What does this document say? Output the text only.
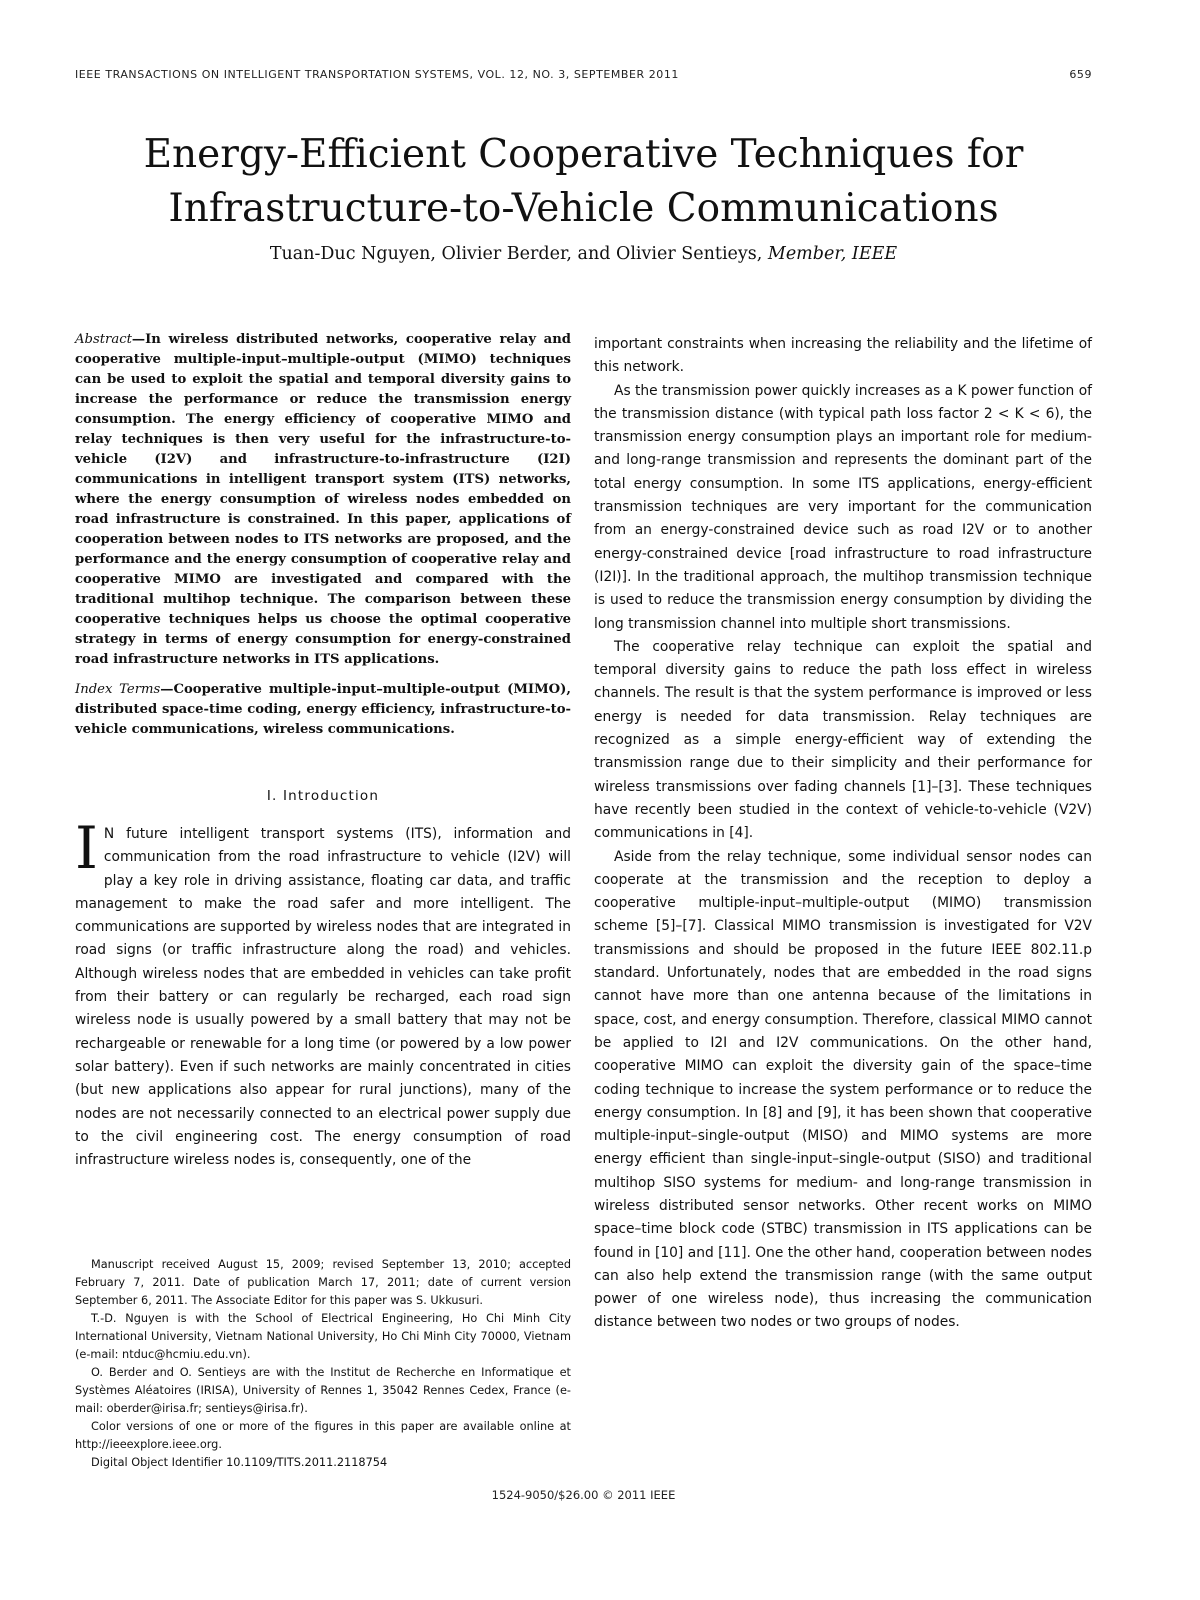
IEEE TRANSACTIONS ON INTELLIGENT TRANSPORTATION SYSTEMS, VOL. 12, NO. 3, SEPTEMBER 2011	659
Energy-Efficient Cooperative Techniques for
Infrastructure-to-Vehicle Communications
Tuan-Duc Nguyen, Olivier Berder, and Olivier Sentieys, Member, IEEE
Abstract—In wireless distributed networks, cooperative relay and cooperative multiple-input–multiple-output (MIMO) techniques can be used to exploit the spatial and temporal diversity gains to increase the performance or reduce the transmission energy consumption. The energy efficiency of cooperative MIMO and relay techniques is then very useful for the infrastructure-to-vehicle (I2V) and infrastructure-to-infrastructure (I2I) communications in intelligent transport system (ITS) networks, where the energy consumption of wireless nodes embedded on road infrastructure is constrained. In this paper, applications of cooperation between nodes to ITS networks are proposed, and the performance and the energy consumption of cooperative relay and cooperative MIMO are investigated and compared with the traditional multihop technique. The comparison between these cooperative techniques helps us choose the optimal cooperative strategy in terms of energy consumption for energy-constrained road infrastructure networks in ITS applications.
Index Terms—Cooperative multiple-input–multiple-output (MIMO), distributed space-time coding, energy efficiency, infrastructure-to-vehicle communications, wireless communications.
I. Introduction
I N future intelligent transport systems (ITS), information and communication from the road infrastructure to vehicle (I2V) will play a key role in driving assistance, floating car data, and traffic management to make the road safer and more intelligent. The communications are supported by wireless nodes that are integrated in road signs (or traffic infrastructure along the road) and vehicles. Although wireless nodes that are embedded in vehicles can take profit from their battery or can regularly be recharged, each road sign wireless node is usually powered by a small battery that may not be rechargeable or renewable for a long time (or powered by a low power solar battery). Even if such networks are mainly concentrated in cities (but new applications also appear for rural junctions), many of the nodes are not necessarily connected to an electrical power supply due to the civil engineering cost. The energy consumption of road infrastructure wireless nodes is, consequently, one of the

Manuscript received August 15, 2009; revised September 13, 2010; accepted February 7, 2011. Date of publication March 17, 2011; date of current version September 6, 2011. The Associate Editor for this paper was S. Ukkusuri.

T.-D. Nguyen is with the School of Electrical Engineering, Ho Chi Minh City International University, Vietnam National University, Ho Chi Minh City 70000, Vietnam (e-mail: ntduc@hcmiu.edu.vn).

O. Berder and O. Sentieys are with the Institut de Recherche en Informatique et Systèmes Aléatoires (IRISA), University of Rennes 1, 35042 Rennes Cedex, France (e-mail: oberder@irisa.fr; sentieys@irisa.fr).

Color versions of one or more of the figures in this paper are available online at http://ieeexplore.ieee.org.

Digital Object Identifier 10.1109/TITS.2011.2118754

important constraints when increasing the reliability and the lifetime of this network.

As the transmission power quickly increases as a K power function of the transmission distance (with typical path loss factor 2 < K < 6), the transmission energy consumption plays an important role for medium- and long-range transmission and represents the dominant part of the total energy consumption. In some ITS applications, energy-efficient transmission techniques are very important for the communication from an energy-constrained device such as road I2V or to another energy-constrained device [road infrastructure to road infrastructure (I2I)]. In the traditional approach, the multihop transmission technique is used to reduce the transmission energy consumption by dividing the long transmission channel into multiple short transmissions.

The cooperative relay technique can exploit the spatial and temporal diversity gains to reduce the path loss effect in wireless channels. The result is that the system performance is improved or less energy is needed for data transmission. Relay techniques are recognized as a simple energy-efficient way of extending the transmission range due to their simplicity and their performance for wireless transmissions over fading channels [1]–[3]. These techniques have recently been studied in the context of vehicle-to-vehicle (V2V) communications in [4].

Aside from the relay technique, some individual sensor nodes can cooperate at the transmission and the reception to deploy a cooperative multiple-input–multiple-output (MIMO) transmission scheme [5]–[7]. Classical MIMO transmission is investigated for V2V transmissions and should be proposed in the future IEEE 802.11.p standard. Unfortunately, nodes that are embedded in the road signs cannot have more than one antenna because of the limitations in space, cost, and energy consumption. Therefore, classical MIMO cannot be applied to I2I and I2V communications. On the other hand, cooperative MIMO can exploit the diversity gain of the space–time coding technique to increase the system performance or to reduce the energy consumption. In [8] and [9], it has been shown that cooperative multiple-input–single-output (MISO) and MIMO systems are more energy efficient than single-input–single-output (SISO) and traditional multihop SISO systems for medium- and long-range transmission in wireless distributed sensor networks. Other recent works on MIMO space–time block code (STBC) transmission in ITS applications can be found in [10] and [11]. One the other hand, cooperation between nodes can also help extend the transmission range (with the same output power of one wireless node), thus increasing the communication distance between two nodes or two groups of nodes.

1524-9050/$26.00 © 2011 IEEE
